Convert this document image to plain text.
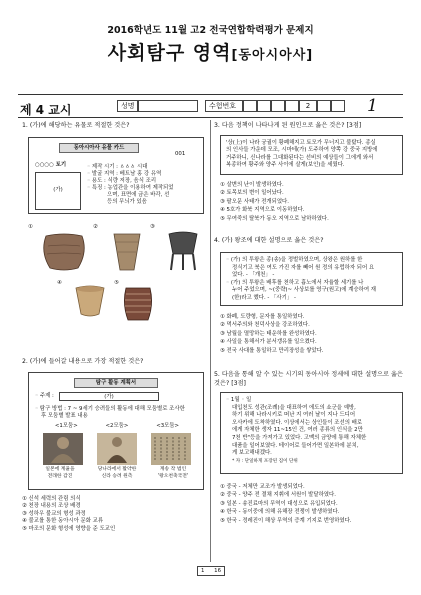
2016학년도 11월 고2 전국연합학력평가 문제지
사회탐구 영역[동아시아사]
제 4 교시	성명	수험번호	2	1
1. (가)에 해당하는 유물로 적절한 것은?
동아시아사 유물 카드
001
○○○○ 토기
(가)
◦ 제작 시기 : ㅿㅿㅿ 시대
◦ 발굴 지역 : 베트남 홍 강 유역
◦ 용도 : 식량 저장, 음식 조리
◦ 특징 : 농업관을 이용하여 제작되었
으며, 표면에 금은 바각, 선
등의 무늬가 있음
①	②	③
④	⑤
2. (가)에 들어갈 내용으로 가장 적절한 것은?
탐구 활동 계획서
◦ 주제 :	(가)
◦ 탐구 방법 : 7 ~ 9세기 승려들의 활동에 대해 모둠별로 조사한
후 모둠별 발표 내용
<1모둠>	<2모둠>	<3모둠>
일본에 계율을
전래한 감진
당나라에서 활약한
신라 승려 원측
계송 작 법인
'왕오천축국전'
① 신석 세력의 관림 의식
② 천장 내용의 조상 배경
③ 성하우 불교의 형성 과정
④ 불교를 통한 동아시아 문화 교류
⑤ 마조의 문화 형성에 영향을 준 도교인
3. 다음 정책이 나타나게 된 원인으로 옳은 것은? [3점]
'상(上)이 나라 궁궐이 황폐해지고 토모가 무너지고 불탔다. 종실
의 인사들 가운데 모조, 시마테(가) 도주하여 양쪽 강 중국 지방에
거주하니, 신나라를 그대화된다는 선비의 예상들이 그에게 와서
복종하여 황주와 양주 사이에 살게(보인)을 세웠다.
① 살변의 난이 발생하였다.
② 토목보의 변이 일어났다.
③ 팔오문 사태가 전개되었다.
④ 5호가 화북 지역으로 이동하였다.
⑤ 무여죽의 탈북가 동오 지역으로 남하하였다.
4. (가) 왕조에 대한 설명으로 옳은 것은?
◦ (가) 의 투왕은 종(송)을 정벌하였으며, 상왕은 원하를 한
정식기고 북은 여도 가진 자를 빼어 원 정의 유럽하자 되어 요
었다. - 「개천」 -
◦ (가) 의 투왕은 배후를 천하고 흉노에서 자율할 세기를 나
누어 주었으며, ~(중략)~ 사상보를 영구(원고)에 계승하여 재
(한)라고 했다. - 「사기」 -
① 화폐, 도량형, 문자를 통일하였다.
② 먹서주의와 천덕사상을 강조하였다.
③ 남월을 멸망하는 태운하를 완성하였다.
④ 사일을 통해서가 분서갱유를 일으켰다.
⑤ 전국 사대를 통일하고 만리장성을 쌓았다.
5. 다음을 통해 알 수 있는 시기의 동아시아 정세에 대한 설명으로 옳은 것은? [3점]
◦ 1월 ◦ 일
대입천도 성관(조례)을 대표하여 에도의 쇼군을 예방,
하기 위해 나라시키로 떠난 지 여러 날이 지나 드디어
오사카에 도착하였다. 이상에서는 상인들이 조선의 배로
에게 자체한 생자 11~15인 건, 여러 종류의 인식을 2만
7천 반"등을 가져가고 있었다. 고맥의 금양에 통해 자체한
대품을 일어보였다. 테이어로 들어가면 일본하에 분치,
게 보고해내겠다.
* 자 : 단일하게 포장된 짐이 단위
① 중국 - 저체만 교조가 발생되었다.
② 중국 - 양주 전 결채 지휘에 서원이 발달하였다.
③ 일본 - 송진료마의 무역이 대성으로 유입되었다.
④ 한국 - 동이중에 의해 유해장 전쟁이 발생하였다.
⑤ 한국 - 정레진이 해상 무역의 증계 기지로 번영하였다.
1 16
